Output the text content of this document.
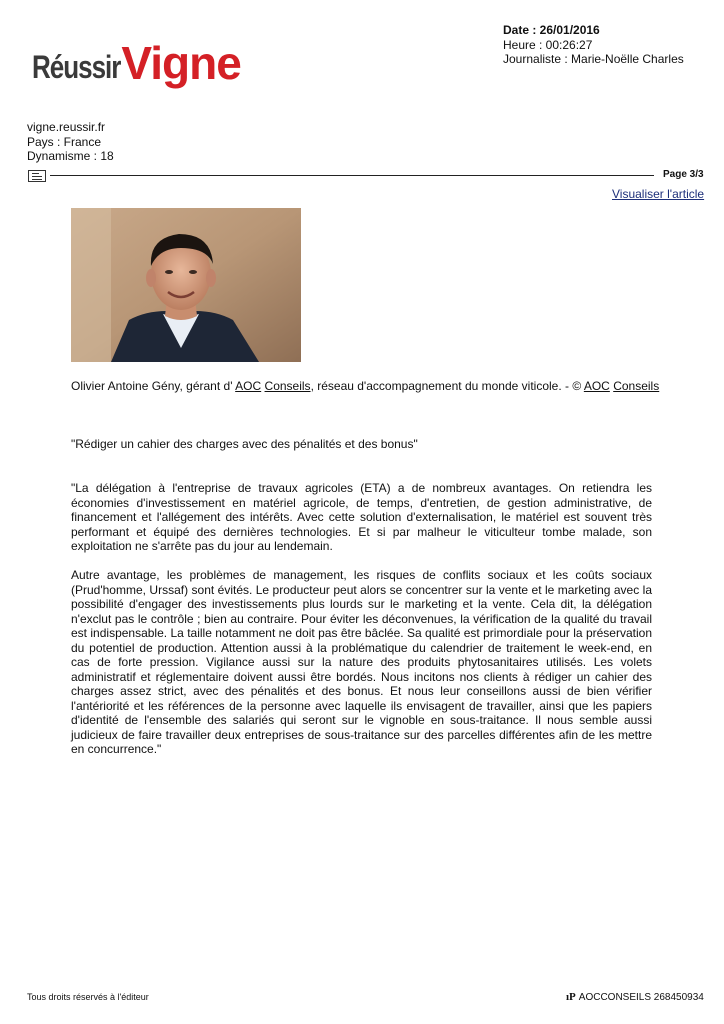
RéussirVigne
Date : 26/01/2016
Heure : 00:26:27
Journaliste : Marie-Noëlle Charles
vigne.reussir.fr
Pays : France
Dynamisme : 18
Page 3/3
Visualiser l'article
Olivier Antoine Gény, gérant d' AOC Conseils, réseau d'accompagnement du monde viticole. - © AOC Conseils
"Rédiger un cahier des charges avec des pénalités et des bonus"

"La délégation à l'entreprise de travaux agricoles (ETA) a de nombreux avantages. On retiendra les économies d'investissement en matériel agricole, de temps, d'entretien, de gestion administrative, de financement et l'allégement des intérêts. Avec cette solution d'externalisation, le matériel est souvent très performant et équipé des dernières technologies. Et si par malheur le viticulteur tombe malade, son exploitation ne s'arrête pas du jour au lendemain.

Autre avantage, les problèmes de management, les risques de conflits sociaux et les coûts sociaux (Prud'homme, Urssaf) sont évités. Le producteur peut alors se concentrer sur la vente et le marketing avec la possibilité d'engager des investissements plus lourds sur le marketing et la vente. Cela dit, la délégation n'exclut pas le contrôle ; bien au contraire. Pour éviter les déconvenues, la vérification de la qualité du travail est indispensable. La taille notamment ne doit pas être bâclée. Sa qualité est primordiale pour la préservation du potentiel de production. Attention aussi à la problématique du calendrier de traitement le week-end, en cas de forte pression. Vigilance aussi sur la nature des produits phytosanitaires utilisés. Les volets administratif et réglementaire doivent aussi être bordés. Nous incitons nos clients à rédiger un cahier des charges assez strict, avec des pénalités et des bonus. Et nous leur conseillons aussi de bien vérifier l'antériorité et les références de la personne avec laquelle ils envisagent de travailler, ainsi que les papiers d'identité de l'ensemble des salariés qui seront sur le vignoble en sous-traitance. Il nous semble aussi judicieux de faire travailler deux entreprises de sous-traitance sur des parcelles différentes afin de les mettre en concurrence."

Tous droits réservés à l'éditeur	ıP AOCCONSEILS 268450934
